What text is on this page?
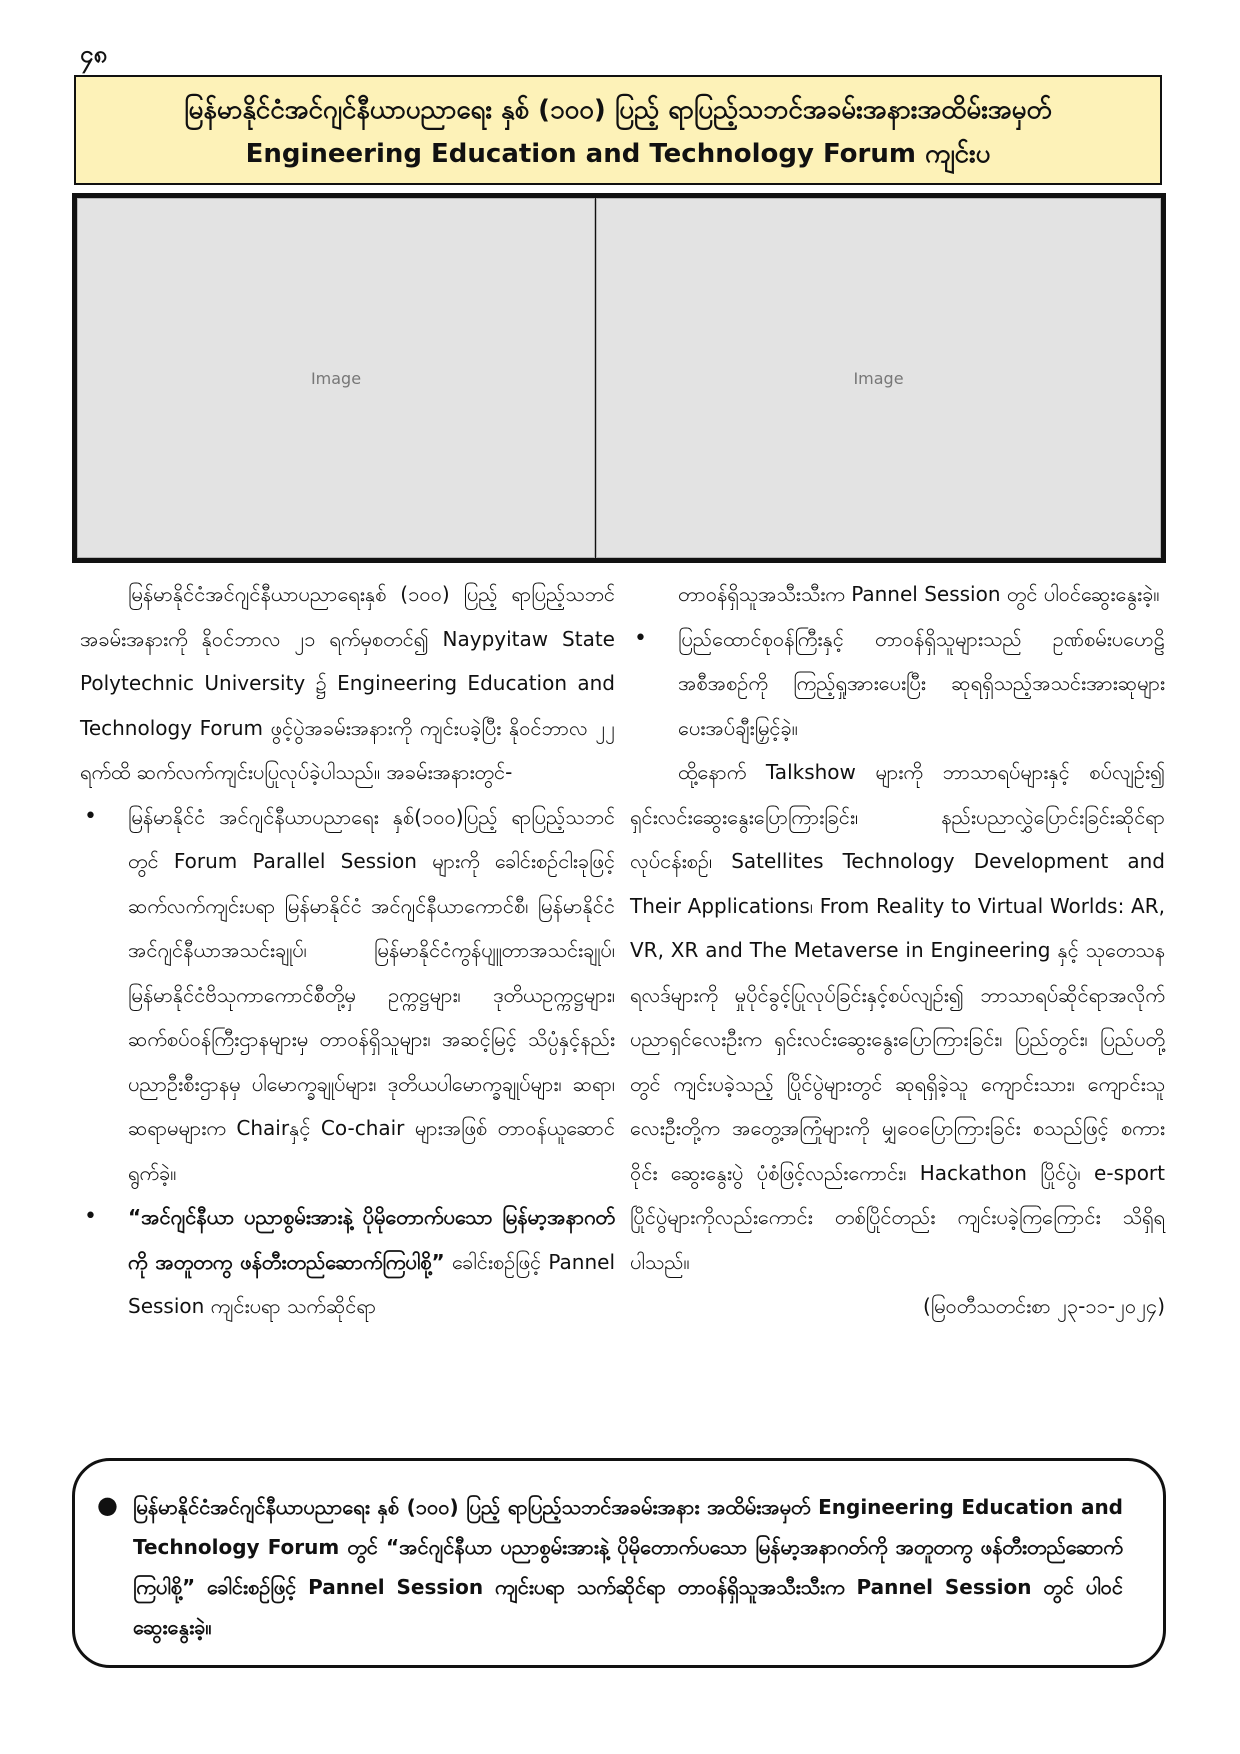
၄၈
မြန်မာနိုင်ငံအင်ဂျင်နီယာပညာရေး နှစ် (၁၀၀) ပြည့် ရာပြည့်သဘင်အခမ်းအနားအထိမ်းအမှတ်
Engineering Education and Technology Forum ကျင်းပ
Image	Image

မြန်မာနိုင်ငံအင်ဂျင်နီယာပညာရေးနှစ် (၁၀၀) ပြည့် ရာပြည့်သဘင်အခမ်းအနားကို နိုဝင်ဘာလ ၂၁ ရက်မှစတင်၍ Naypyitaw State Polytechnic University ၌ Engineering Education and Technology Forum ဖွင့်ပွဲအခမ်းအနားကို ကျင်းပခဲ့ပြီး နိုဝင်ဘာလ ၂၂ ရက်ထိ ဆက်လက်ကျင်းပပြုလုပ်ခဲ့ပါသည်။ အခမ်းအနားတွင်-

• မြန်မာနိုင်ငံ အင်ဂျင်နီယာပညာရေး နှစ်(၁၀၀)ပြည့် ရာပြည့်သဘင်တွင် Forum Parallel Session များကို ခေါင်းစဉ်ငါးခုဖြင့် ဆက်လက်ကျင်းပရာ မြန်မာနိုင်ငံ အင်ဂျင်နီယာကောင်စီ၊ မြန်မာနိုင်ငံ အင်ဂျင်နီယာအသင်းချုပ်၊ မြန်မာနိုင်ငံကွန်ပျူတာအသင်းချုပ်၊ မြန်မာနိုင်ငံဗိသုကာကောင်စီတို့မှ ဥက္ကဋ္ဌများ၊ ဒုတိယဥက္ကဋ္ဌများ၊ ဆက်စပ်ဝန်ကြီးဌာနများမှ တာဝန်ရှိသူများ၊ အဆင့်မြင့် သိပ္ပံနှင့်နည်းပညာဦးစီးဌာနမှ ပါမောက္ခချုပ်များ၊ ဒုတိယပါမောက္ခချုပ်များ၊ ဆရာ၊ ဆရာမများက Chairနှင့် Co-chair များအဖြစ် တာဝန်ယူဆောင်ရွက်ခဲ့။
• “အင်ဂျင်နီယာ ပညာစွမ်းအားနဲ့ ပိုမိုတောက်ပသော မြန်မာ့အနာဂတ်ကို အတူတကွ ဖန်တီးတည်ဆောက်ကြပါစို့” ခေါင်းစဉ်ဖြင့် Pannel Session ကျင်းပရာ သက်ဆိုင်ရာ

တာဝန်ရှိသူအသီးသီးက Pannel Session တွင် ပါဝင်ဆွေးနွေးခဲ့။

• ပြည်ထောင်စုဝန်ကြီးနှင့် တာဝန်ရှိသူများသည် ဥဏ်စမ်းပဟေဠိ အစီအစဉ်ကို ကြည့်ရှုအားပေးပြီး ဆုရရှိသည့်အသင်းအားဆုများ ပေးအပ်ချီးမြှင့်ခဲ့။

ထို့နောက် Talkshow များကို ဘာသာရပ်များနှင့် စပ်လျဉ်း၍ ရှင်းလင်းဆွေးနွေးပြောကြားခြင်း၊ နည်းပညာလွှဲပြောင်းခြင်းဆိုင်ရာ လုပ်ငန်းစဉ်၊ Satellites Technology Development and Their Applications၊ From Reality to Virtual Worlds: AR, VR, XR and The Metaverse in Engineering နှင့် သုတေသနရလဒ်များကို မှုပိုင်ခွင့်ပြုလုပ်ခြင်းနှင့်စပ်လျဉ်း၍ ဘာသာရပ်ဆိုင်ရာအလိုက် ပညာရှင်လေးဦးက ရှင်းလင်းဆွေးနွေးပြောကြားခြင်း၊ ပြည်တွင်း၊ ပြည်ပတို့တွင် ကျင်းပခဲ့သည့် ပြိုင်ပွဲများတွင် ဆုရရှိခဲ့သူ ကျောင်းသား၊ ကျောင်းသူလေးဦးတို့က အတွေ့အကြုံများကို မျှဝေပြောကြားခြင်း စသည်ဖြင့် စကားဝိုင်း ဆွေးနွေးပွဲ ပုံစံဖြင့်လည်းကောင်း၊ Hackathon ပြိုင်ပွဲ၊ e-sport ပြိုင်ပွဲများကိုလည်းကောင်း တစ်ပြိုင်တည်း ကျင်းပခဲ့ကြကြောင်း သိရှိရပါသည်။

(မြဝတီသတင်းစာ ၂၃-၁၁-၂၀၂၄)

● မြန်မာနိုင်ငံအင်ဂျင်နီယာပညာရေး နှစ် (၁၀၀) ပြည့် ရာပြည့်သဘင်အခမ်းအနား အထိမ်းအမှတ် Engineering Education and Technology Forum တွင် “အင်ဂျင်နီယာ ပညာစွမ်းအားနဲ့ ပိုမိုတောက်ပသော မြန်မာ့အနာဂတ်ကို အတူတကွ ဖန်တီးတည်ဆောက်ကြပါစို့” ခေါင်းစဉ်ဖြင့် Pannel Session ကျင်းပရာ သက်ဆိုင်ရာ တာဝန်ရှိသူအသီးသီးက Pannel Session တွင် ပါဝင်ဆွေးနွေးခဲ့။
